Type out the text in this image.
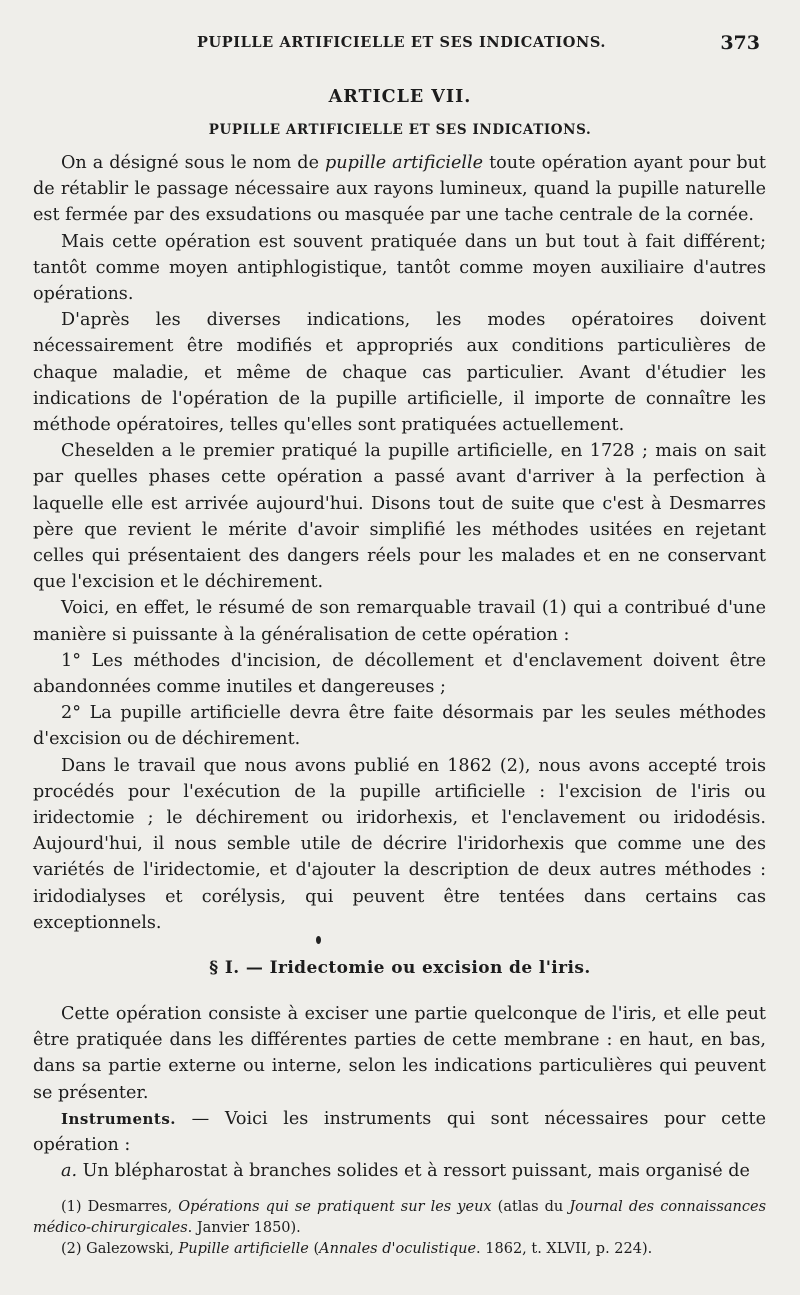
PUPILLE ARTIFICIELLE ET SES INDICATIONS.	373
ARTICLE VII.
PUPILLE ARTIFICIELLE ET SES INDICATIONS.

On a désigné sous le nom de pupille artificielle toute opération ayant pour but de rétablir le passage nécessaire aux rayons lumineux, quand la pupille naturelle est fermée par des exsudations ou masquée par une tache centrale de la cornée.

Mais cette opération est souvent pratiquée dans un but tout à fait différent; tantôt comme moyen antiphlogistique, tantôt comme moyen auxiliaire d'autres opérations.

D'après les diverses indications, les modes opératoires doivent nécessairement être modifiés et appropriés aux conditions particulières de chaque maladie, et même de chaque cas particulier. Avant d'étudier les indications de l'opération de la pupille artificielle, il importe de connaître les méthode opératoires, telles qu'elles sont pratiquées actuellement.

Cheselden a le premier pratiqué la pupille artificielle, en 1728 ; mais on sait par quelles phases cette opération a passé avant d'arriver à la perfection à laquelle elle est arrivée aujourd'hui. Disons tout de suite que c'est à Desmarres père que revient le mérite d'avoir simplifié les méthodes usitées en rejetant celles qui présentaient des dangers réels pour les malades et en ne conservant que l'excision et le déchirement.

Voici, en effet, le résumé de son remarquable travail (1) qui a contribué d'une manière si puissante à la généralisation de cette opération :

1° Les méthodes d'incision, de décollement et d'enclavement doivent être abandonnées comme inutiles et dangereuses ;

2° La pupille artificielle devra être faite désormais par les seules méthodes d'excision ou de déchirement.

Dans le travail que nous avons publié en 1862 (2), nous avons accepté trois procédés pour l'exécution de la pupille artificielle : l'excision de l'iris ou iridectomie ; le déchirement ou iridorhexis, et l'enclavement ou iridodésis. Aujourd'hui, il nous semble utile de décrire l'iridorhexis que comme une des variétés de l'iridectomie, et d'ajouter la description de deux autres méthodes : iridodialyses et corélysis, qui peuvent être tentées dans certains cas exceptionnels.

§ I. — Iridectomie ou excision de l'iris.

Cette opération consiste à exciser une partie quelconque de l'iris, et elle peut être pratiquée dans les différentes parties de cette membrane : en haut, en bas, dans sa partie externe ou interne, selon les indications particulières qui peuvent se présenter.

Instruments. — Voici les instruments qui sont nécessaires pour cette opération :

a. Un blépharostat à branches solides et à ressort puissant, mais organisé de

(1) Desmarres, Opérations qui se pratiquent sur les yeux (atlas du Journal des connaissances médico-chirurgicales. Janvier 1850).

(2) Galezowski, Pupille artificielle (Annales d'oculistique. 1862, t. XLVII, p. 224).
